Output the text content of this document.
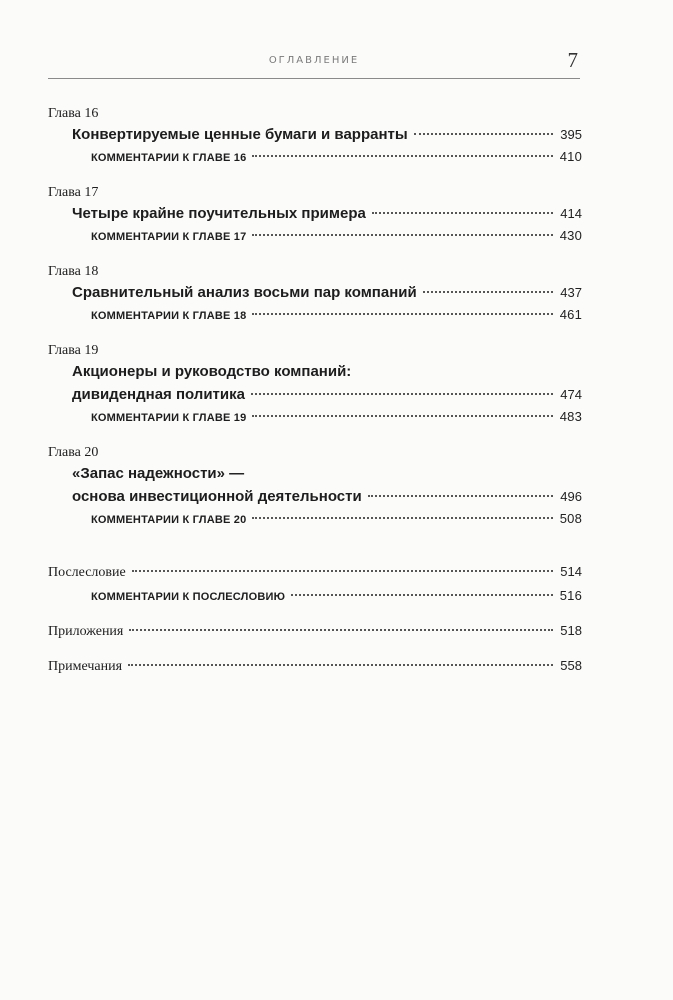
ОГЛАВЛЕНИЕ	7
Глава 16
Конвертируемые ценные бумаги и варранты	395
КОММЕНТАРИИ К ГЛАВЕ 16	410
Глава 17
Четыре крайне поучительных примера	414
КОММЕНТАРИИ К ГЛАВЕ 17	430
Глава 18
Сравнительный анализ восьми пар компаний	437
КОММЕНТАРИИ К ГЛАВЕ 18	461
Глава 19
Акционеры и руководство компаний:
дивидендная политика	474
КОММЕНТАРИИ К ГЛАВЕ 19	483
Глава 20
«Запас надежности» —
основа инвестиционной деятельности	496
КОММЕНТАРИИ К ГЛАВЕ 20	508
Послесловие	514
КОММЕНТАРИИ К ПОСЛЕСЛОВИЮ	516
Приложения	518
Примечания	558
